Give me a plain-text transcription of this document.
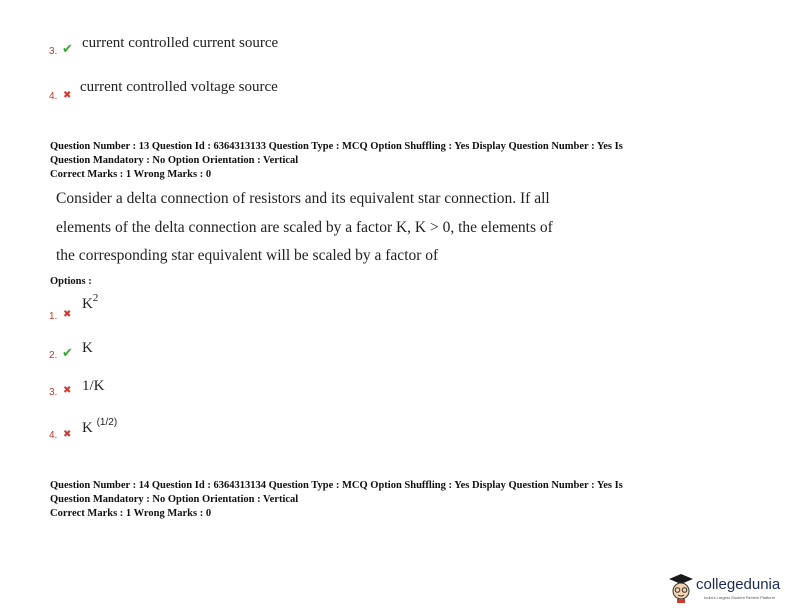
3. ✔ current controlled current source
4. ✖
current controlled voltage source
Question Number : 13 Question Id : 6364313133 Question Type : MCQ Option Shuffling : Yes Display Question Number : Yes Is
Question Mandatory : No Option Orientation : Vertical
Correct Marks : 1 Wrong Marks : 0
Consider a delta connection of resistors and its equivalent star connection. If all
elements of the delta connection are scaled by a factor K, K > 0, the elements of
the corresponding star equivalent will be scaled by a factor of
Options :
1. ✖
$K^2$
2. ✔ K
3. ✖ 1/K
4. ✖ K $^{(1/2)}$
Question Number : 14 Question Id : 6364313134 Question Type : MCQ Option Shuffling : Yes Display Question Number : Yes Is
Question Mandatory : No Option Orientation : Vertical
Correct Marks : 1 Wrong Marks : 0
collegedunia
India's Largest Student Review Platform
